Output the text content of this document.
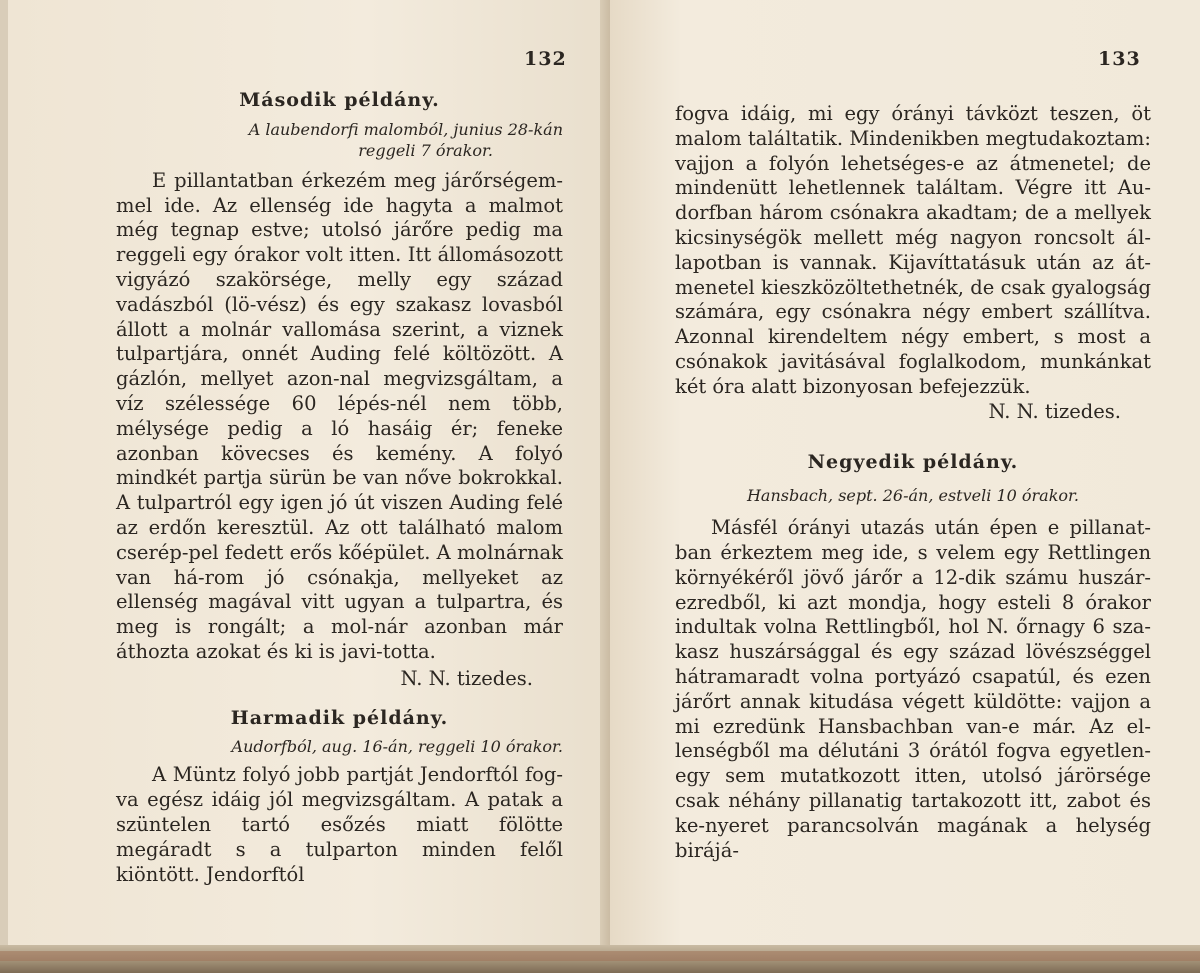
132
Második példány.
A laubendorfi malomból, junius 28-kán
reggeli 7 órakor.

E pillantatban érkezém meg járőrségem-mel ide. Az ellenség ide hagyta a malmot még tegnap estve; utolsó járőre pedig ma reggeli egy órakor volt itten. Itt állomásozott vigyázó szakörsége, melly egy század vadászból (lö-vész) és egy szakasz lovasból állott a molnár vallomása szerint, a viznek tulpartjára, onnét Auding felé költözött. A gázlón, mellyet azon-nal megvizsgáltam, a víz szélessége 60 lépés-nél nem több, mélysége pedig a ló hasáig ér; feneke azonban kövecses és kemény. A folyó mindkét partja sürün be van nőve bokrokkal. A tulpartról egy igen jó út viszen Auding felé az erdőn keresztül. Az ott található malom cserép-pel fedett erős kőépület. A molnárnak van há-rom jó csónakja, mellyeket az ellenség magával vitt ugyan a tulpartra, és meg is rongált; a mol-nár azonban már áthozta azokat és ki is javi-totta.

N. N. tizedes.
Harmadik példány.
Audorfból, aug. 16-án, reggeli 10 órakor.

A Müntz folyó jobb partját Jendorftól fog-va egész idáig jól megvizsgáltam. A patak a szüntelen tartó esőzés miatt fölötte megáradt s a tulparton minden felől kiöntött. Jendorftól

133

fogva idáig, mi egy órányi távközt teszen, öt malom találtatik. Mindenikben megtudakoztam: vajjon a folyón lehetséges-e az átmenetel; de mindenütt lehetlennek találtam. Végre itt Au-dorfban három csónakra akadtam; de a mellyek kicsinységök mellett még nagyon roncsolt ál-lapotban is vannak. Kijavíttatásuk után az át-menetel kieszközöltethetnék, de csak gyalogság számára, egy csónakra négy embert szállítva. Azonnal kirendeltem négy embert, s most a csónakok javitásával foglalkodom, munkánkat két óra alatt bizonyosan befejezzük.

N. N. tizedes.
Negyedik példány.
Hansbach, sept. 26-án, estveli 10 órakor.

Másfél órányi utazás után épen e pillanat-ban érkeztem meg ide, s velem egy Rettlingen környékéről jövő járőr a 12-dik számu huszár-ezredből, ki azt mondja, hogy esteli 8 órakor indultak volna Rettlingből, hol N. őrnagy 6 sza-kasz huszársággal és egy század lövészséggel hátramaradt volna portyázó csapatúl, és ezen járőrt annak kitudása végett küldötte: vajjon a mi ezredünk Hansbachban van-e már. Az el-lenségből ma délutáni 3 órától fogva egyetlen-egy sem mutatkozott itten, utolsó járörsége csak néhány pillanatig tartakozott itt, zabot és ke-nyeret parancsolván magának a helység birájá-
